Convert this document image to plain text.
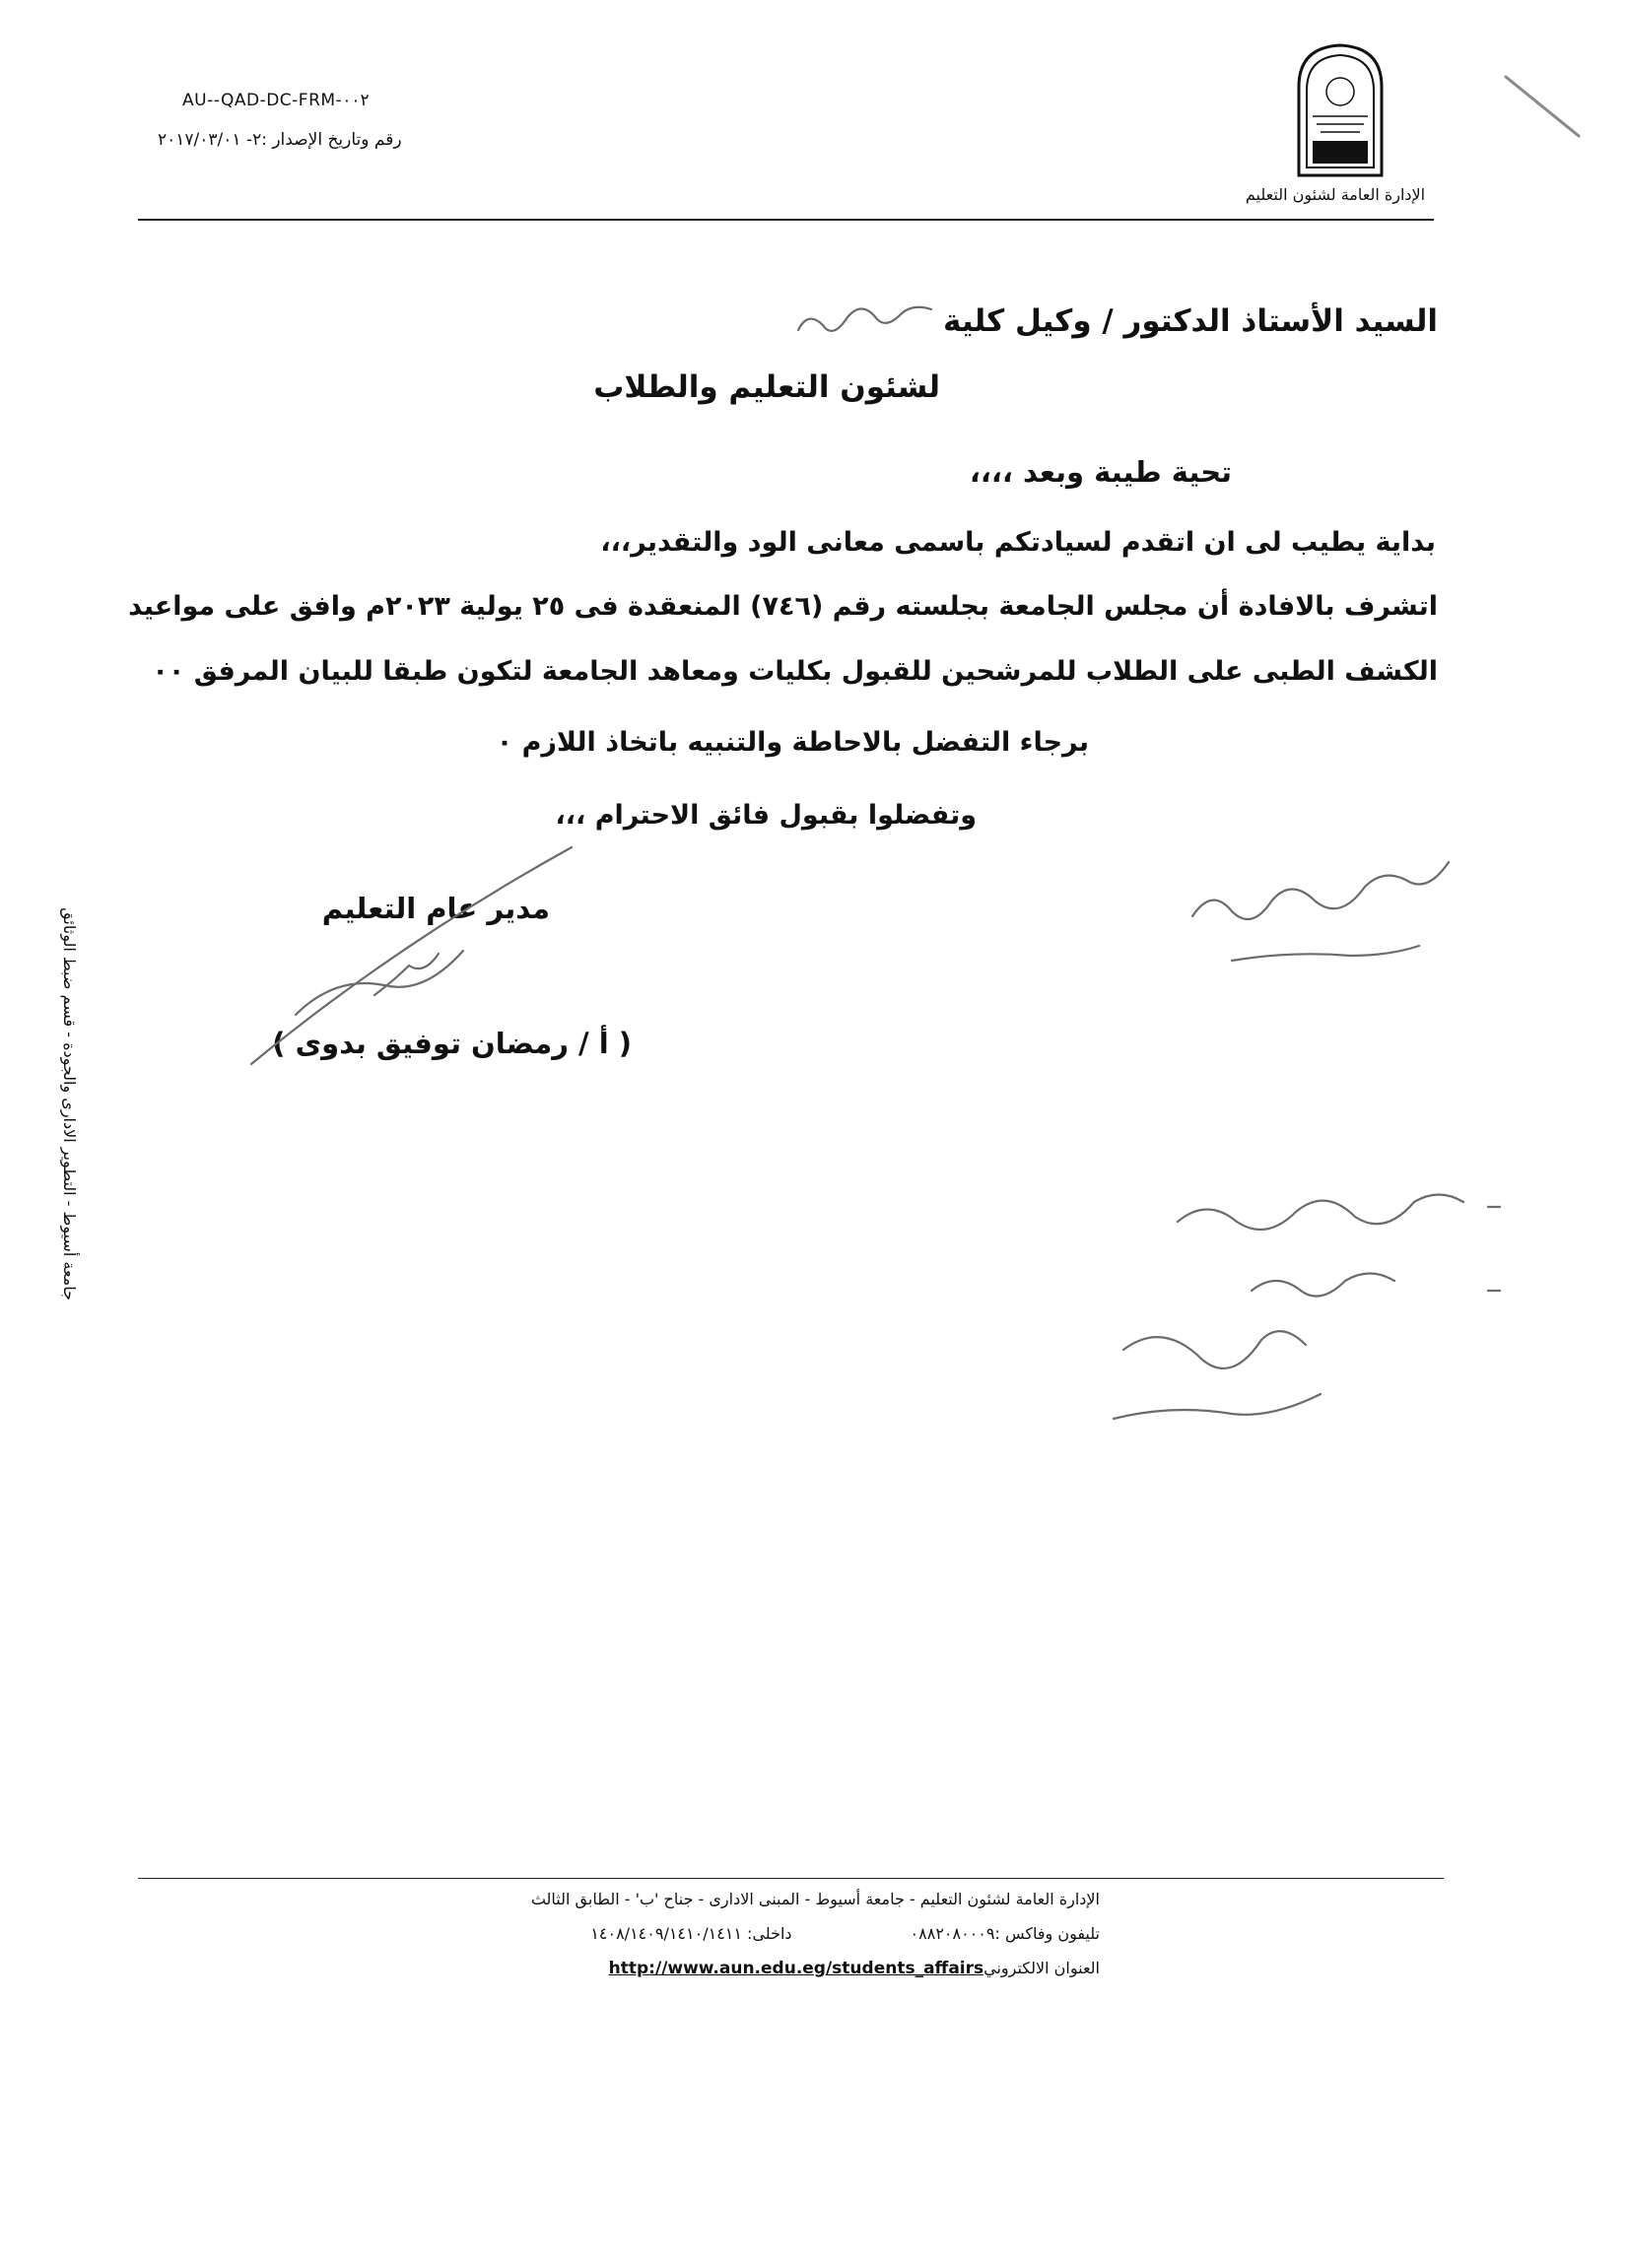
AU--QAD-DC-FRM-٠٠٢
رقم وتاريخ الإصدار :٢- ٢٠١٧/٠٣/٠١
الإدارة العامة لشئون التعليم
السيد الأستاذ الدكتور / وكيل كلية
لشئون التعليم والطلاب
تحية طيبة وبعد ،،،،
بداية يطيب لى ان اتقدم لسيادتكم باسمى معانى الود والتقدير،،،
اتشرف بالافادة أن مجلس الجامعة بجلسته رقم (٧٤٦) المنعقدة فى ٢٥ يولية ٢٠٢٣م وافق على مواعيد
الكشف الطبى على الطلاب للمرشحين للقبول بكليات ومعاهد الجامعة لتكون طبقا للبيان المرفق ٠٠
برجاء التفضل بالاحاطة والتنبيه باتخاذ اللازم ٠
وتفضلوا بقبول فائق الاحترام ،،،
مدير عام التعليم
( أ / رمضان توفيق بدوى )
جامعة أسيوط - التطوير الادارى والجودة - قسم ضبط الوثائق
الإدارة العامة لشئون التعليم - جامعة أسيوط - المبنى الادارى - جناح 'ب' - الطابق الثالث
تليفون وفاكس :٠٨٨٢٠٨٠٠٠٩داخلى: ١٤٠٨/١٤٠٩/١٤١٠/١٤١١
العنوان الالكترونيhttp://www.aun.edu.eg/students_affairs
